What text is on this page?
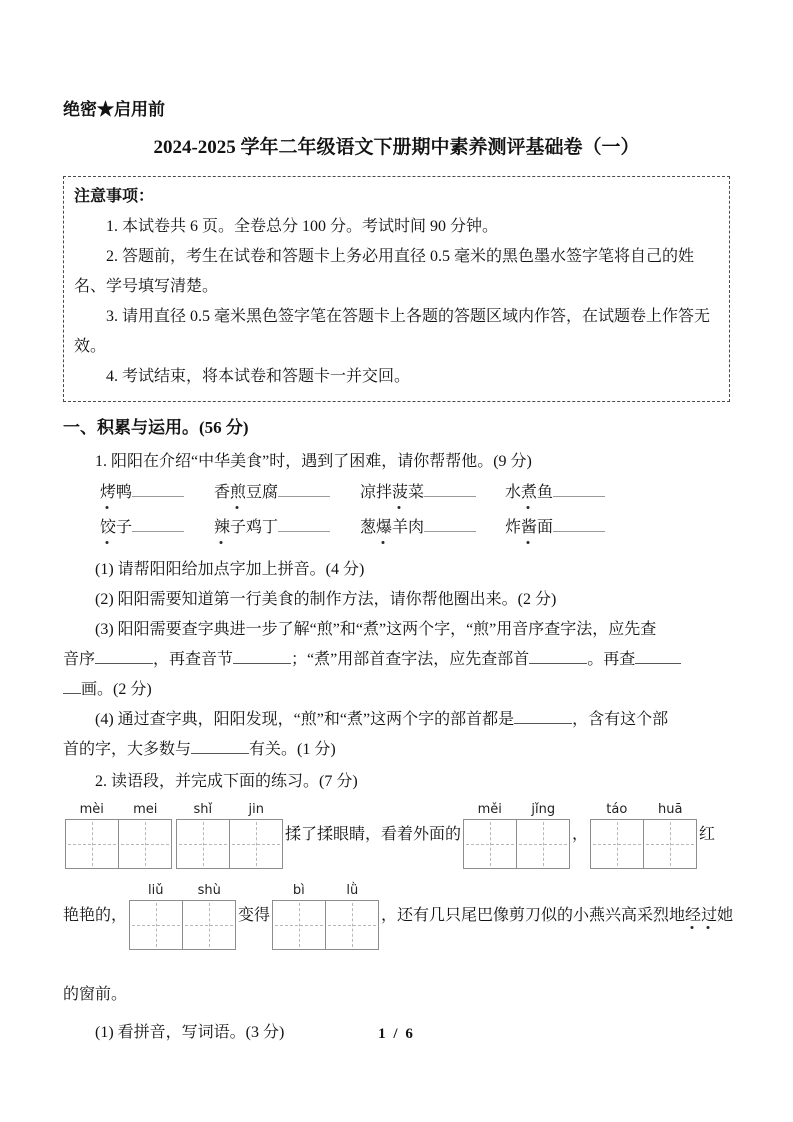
绝密★启用前

2024-2025 学年二年级语文下册期中素养测评基础卷（一）

注意事项：

1. 本试卷共 6 页。全卷总分 100 分。考试时间 90 分钟。

2. 答题前，考生在试卷和答题卡上务必用直径 0.5 毫米的黑色墨水签字笔将自己的姓名、学号填写清楚。

3. 请用直径 0.5 毫米黑色签字笔在答题卡上各题的答题区域内作答，在试题卷上作答无效。

4. 考试结束，将本试卷和答题卡一并交回。

一、积累与运用。(56 分)

1. 阳阳在介绍“中华美食”时，遇到了困难，请你帮帮他。(9 分)

烤鸭	香煎豆腐	凉拌菠菜	水煮鱼
饺子	辣子鸡丁	葱爆羊肉	炸酱面

(1) 请帮阳阳给加点字加上拼音。(4 分)

(2) 阳阳需要知道第一行美食的制作方法，请你帮他圈出来。(2 分)

(3) 阳阳需要查字典进一步了解“煎”和“煮”这两个字，“煎”用音序查字法，应先查

音序	，再查音节	；“煮”用部首查字法，应先查部首	。再查

画。(2 分)

(4) 通过查字典，阳阳发现，“煎”和“煮”这两个字的部首都是	，含有这个部

首的字，大多数与	有关。(1 分)

2. 读语段，并完成下面的练习。(7 分)

mèi	mei	shǐ	jin
揉了揉眼睛，看着外面的
měi	jǐng
，
táo	huā
红
艳艳的，
liǔ	shù
变得
bì	lǜ
，还有几只尾巴像剪刀似的小燕兴高采烈地经过她

的窗前。

(1) 看拼音，写词语。(3 分)	1 / 6
